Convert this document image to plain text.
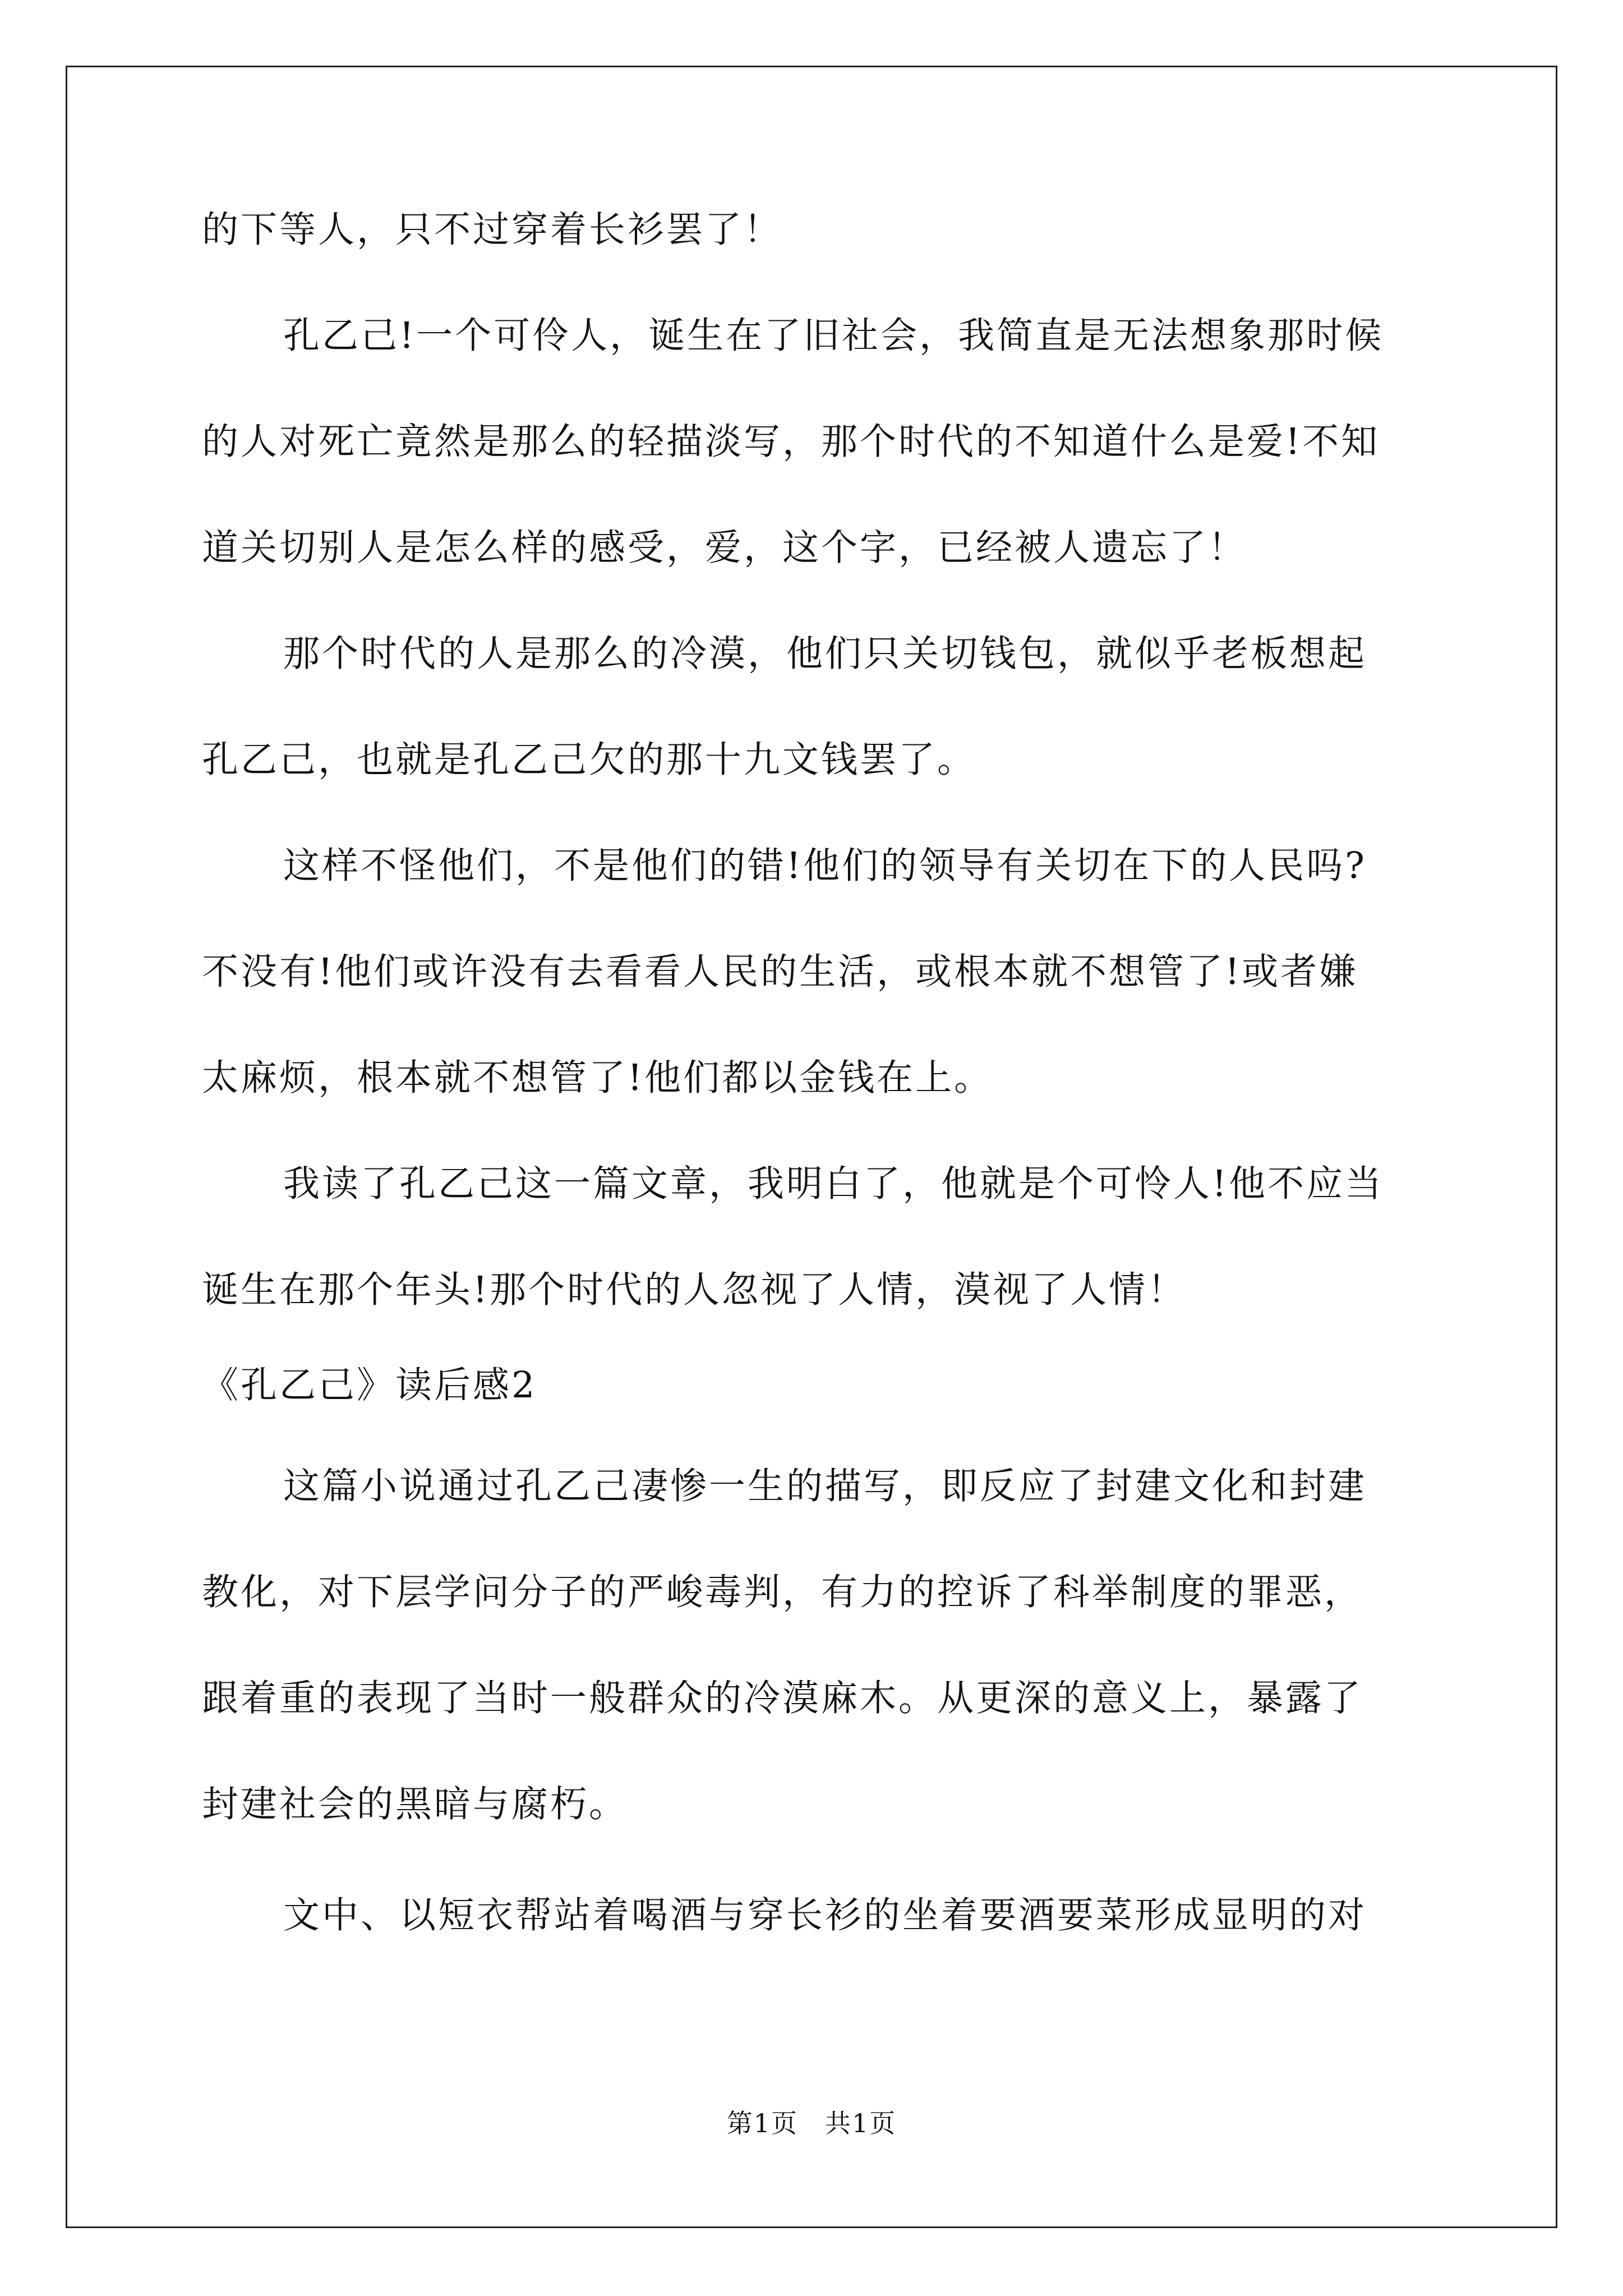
的下等人，只不过穿着长衫罢了！
孔乙己!一个可伶人，诞生在了旧社会，我简直是无法想象那时候
的人对死亡竟然是那么的轻描淡写，那个时代的不知道什么是爱!不知
道关切别人是怎么样的感受，爱，这个字，已经被人遗忘了！
那个时代的人是那么的冷漠，他们只关切钱包，就似乎老板想起
孔乙己，也就是孔乙己欠的那十九文钱罢了。
这样不怪他们，不是他们的错!他们的领导有关切在下的人民吗?
不没有!他们或许没有去看看人民的生活，或根本就不想管了!或者嫌
太麻烦，根本就不想管了!他们都以金钱在上。
我读了孔乙己这一篇文章，我明白了，他就是个可怜人!他不应当
诞生在那个年头!那个时代的人忽视了人情，漠视了人情！
《孔乙己》读后感2
这篇小说通过孔乙己凄惨一生的描写，即反应了封建文化和封建
教化，对下层学问分子的严峻毒判，有力的控诉了科举制度的罪恶，
跟着重的表现了当时一般群众的冷漠麻木。从更深的意义上，暴露了
封建社会的黑暗与腐朽。
文中、以短衣帮站着喝酒与穿长衫的坐着要酒要菜形成显明的对
第1页　共1页
